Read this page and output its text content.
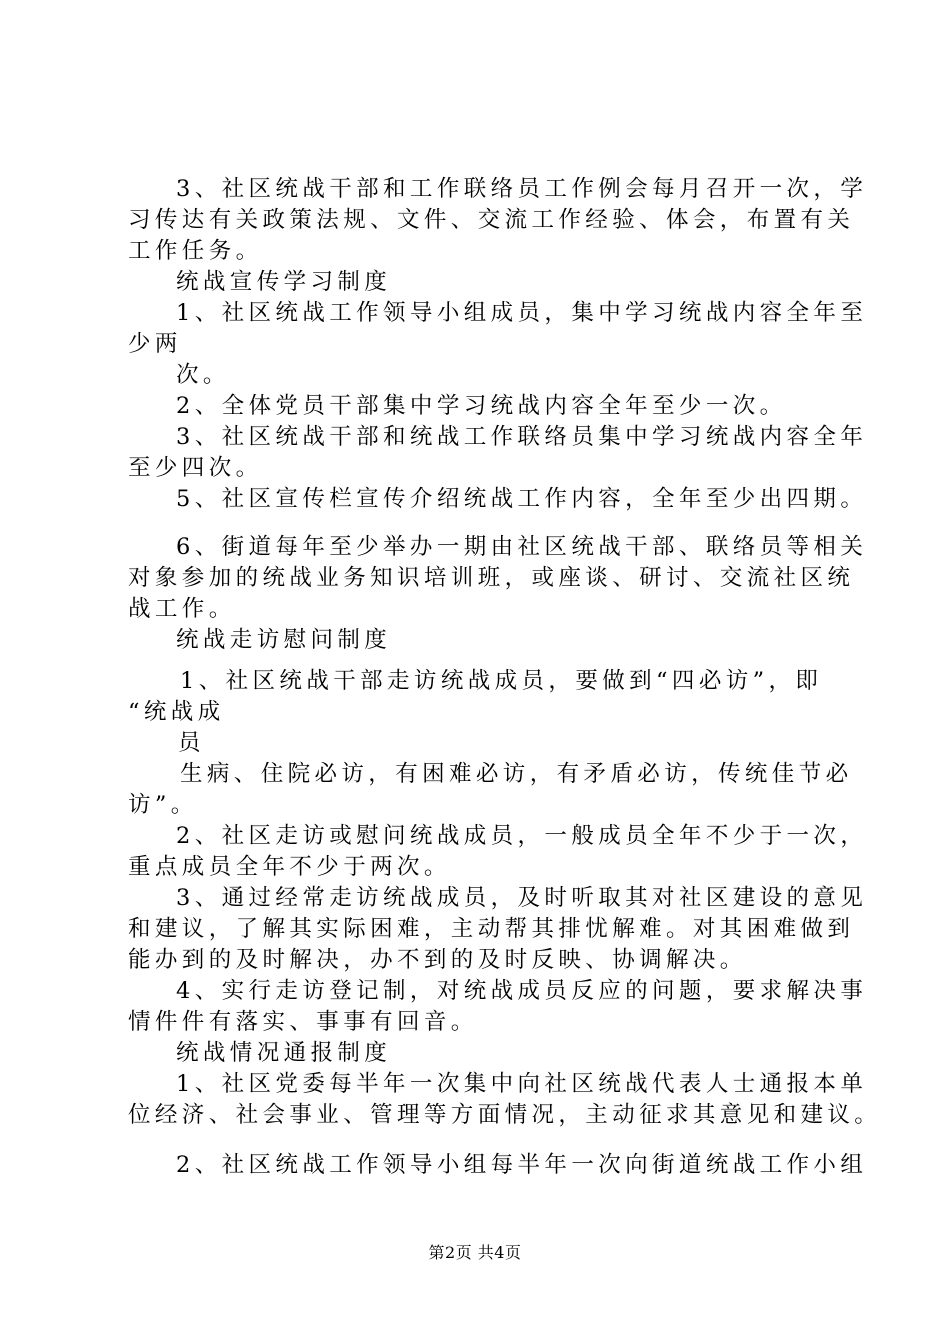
3、社区统战干部和工作联络员工作例会每月召开一次，学
习传达有关政策法规、文件、交流工作经验、体会，布置有关
工作任务。
统战宣传学习制度
1、社区统战工作领导小组成员，集中学习统战内容全年至
少两
次。
2、全体党员干部集中学习统战内容全年至少一次。
3、社区统战干部和统战工作联络员集中学习统战内容全年
至少四次。
5、社区宣传栏宣传介绍统战工作内容，全年至少出四期。
6、街道每年至少举办一期由社区统战干部、联络员等相关
对象参加的统战业务知识培训班，或座谈、研讨、交流社区统
战工作。
统战走访慰问制度
1、社区统战干部走访统战成员，要做到“四必访”，即
“统战成
员
生病、住院必访，有困难必访，有矛盾必访，传统佳节必
访”。
2、社区走访或慰问统战成员，一般成员全年不少于一次，
重点成员全年不少于两次。
3、通过经常走访统战成员，及时听取其对社区建设的意见
和建议，了解其实际困难，主动帮其排忧解难。对其困难做到
能办到的及时解决，办不到的及时反映、协调解决。
4、实行走访登记制，对统战成员反应的问题，要求解决事
情件件有落实、事事有回音。
统战情况通报制度
1、社区党委每半年一次集中向社区统战代表人士通报本单
位经济、社会事业、管理等方面情况，主动征求其意见和建议。
2、社区统战工作领导小组每半年一次向街道统战工作小组
第2页 共4页
